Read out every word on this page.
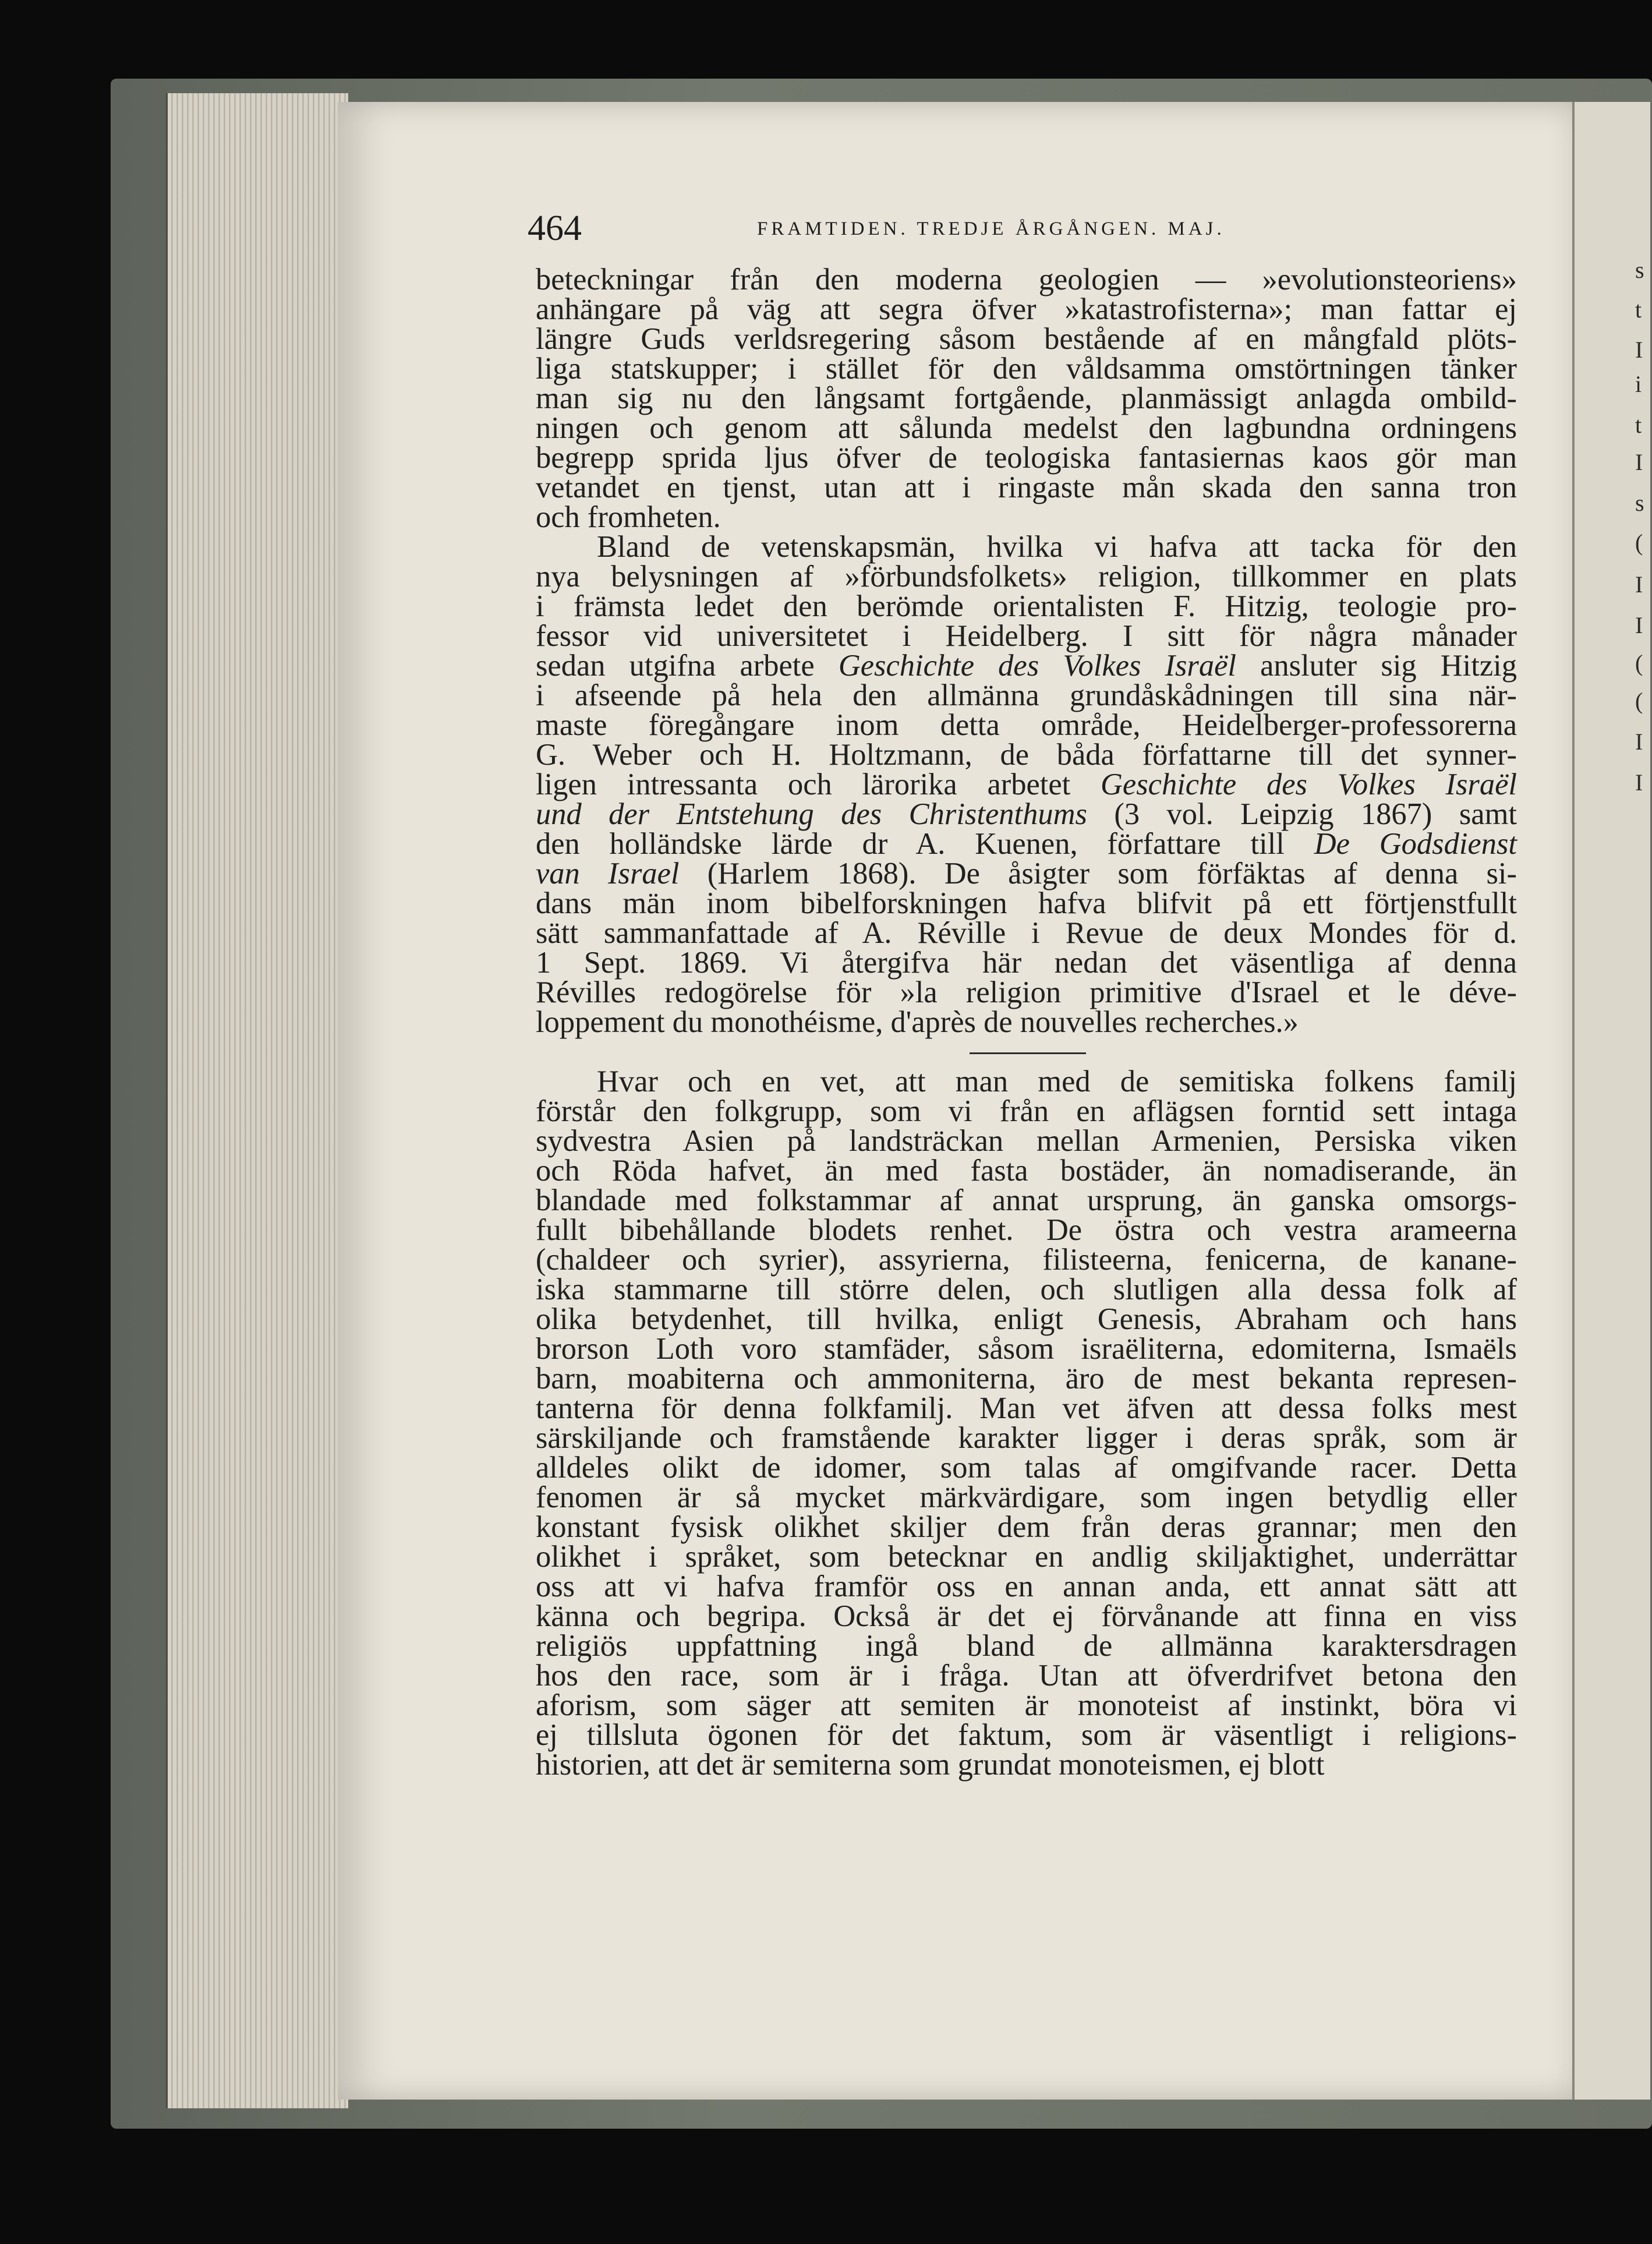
s
t
I
i
t
I
s
(
I
I
(
(
I
I
464	FRAMTIDEN. TREDJE ÅRGÅNGEN. MAJ.
beteckningar från den moderna geologien — »evolutionsteoriens»
anhängare på väg att segra öfver »katastrofisterna»; man fattar ej
längre Guds verldsregering såsom bestående af en mångfald plöts-
liga statskupper; i stället för den våldsamma omstörtningen tänker
man sig nu den långsamt fortgående, planmässigt anlagda ombild-
ningen och genom att sålunda medelst den lagbundna ordningens
begrepp sprida ljus öfver de teologiska fantasiernas kaos gör man
vetandet en tjenst, utan att i ringaste mån skada den sanna tron
och fromheten.
Bland de vetenskapsmän, hvilka vi hafva att tacka för den
nya belysningen af »förbundsfolkets» religion, tillkommer en plats
i främsta ledet den berömde orientalisten F. Hitzig, teologie pro-
fessor vid universitetet i Heidelberg. I sitt för några månader
sedan utgifna arbete Geschichte des Volkes Israël ansluter sig Hitzig
i afseende på hela den allmänna grundåskådningen till sina när-
maste föregångare inom detta område, Heidelberger-professorerna
G. Weber och H. Holtzmann, de båda författarne till det synner-
ligen intressanta och lärorika arbetet Geschichte des Volkes Israël
und der Entstehung des Christenthums (3 vol. Leipzig 1867) samt
den holländske lärde dr A. Kuenen, författare till De Godsdienst
van Israel (Harlem 1868). De åsigter som förfäktas af denna si-
dans män inom bibelforskningen hafva blifvit på ett förtjenstfullt
sätt sammanfattade af A. Réville i Revue de deux Mondes för d.
1 Sept. 1869. Vi återgifva här nedan det väsentliga af denna
Révilles redogörelse för »la religion primitive d'Israel et le déve-
loppement du monothéisme, d'après de nouvelles recherches.»
Hvar och en vet, att man med de semitiska folkens familj
förstår den folkgrupp, som vi från en aflägsen forntid sett intaga
sydvestra Asien på landsträckan mellan Armenien, Persiska viken
och Röda hafvet, än med fasta bostäder, än nomadiserande, än
blandade med folkstammar af annat ursprung, än ganska omsorgs-
fullt bibehållande blodets renhet. De östra och vestra arameerna
(chaldeer och syrier), assyrierna, filisteerna, fenicerna, de kananе-
iska stammarne till större delen, och slutligen alla dessa folk af
olika betydenhet, till hvilka, enligt Genesis, Abraham och hans
brorson Loth voro stamfäder, såsom israëliterna, edomiterna, Ismaëls
barn, moabiterna och ammoniterna, äro de mest bekanta represen-
tanterna för denna folkfamilj. Man vet äfven att dessa folks mest
särskiljande och framstående karakter ligger i deras språk, som är
alldeles olikt de idomer, som talas af omgifvande racer. Detta
fenomen är så mycket märkvärdigare, som ingen betydlig eller
konstant fysisk olikhet skiljer dem från deras grannar; men den
olikhet i språket, som betecknar en andlig skiljaktighet, underrättar
oss att vi hafva framför oss en annan anda, ett annat sätt att
känna och begripa. Också är det ej förvånande att finna en viss
religiös uppfattning ingå bland de allmänna karaktersdragen
hos den race, som är i fråga. Utan att öfverdrifvet betona den
aforism, som säger att semiten är monoteist af instinkt, böra vi
ej tillsluta ögonen för det faktum, som är väsentligt i religions-
historien, att det är semiterna som grundat monoteismen, ej blott
